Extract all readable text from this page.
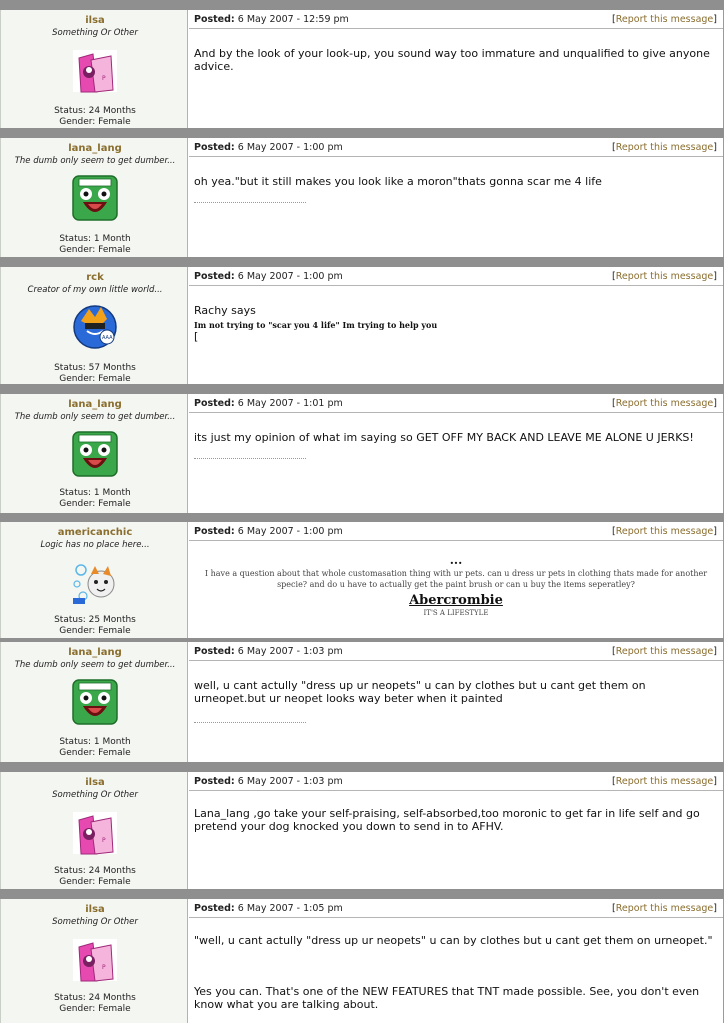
ilsa
Something Or Other
P
Status: 24 Months
Gender: Female
Posted: 6 May 2007 - 12:59 pm	[Report this message]
And by the look of your look-up, you sound way too immature and unqualified to give anyone advice.
lana_lang
The dumb only seem to get dumber...
Status: 1 Month
Gender: Female
Posted: 6 May 2007 - 1:00 pm	[Report this message]
oh yea."but it still makes you look like a moron"thats gonna scar me 4 life
rck
Creator of my own little world...
AAA
Status: 57 Months
Gender: Female
Posted: 6 May 2007 - 1:00 pm	[Report this message]
Rachy says
Im not trying to "scar you 4 life" Im trying to help you
[
lana_lang
The dumb only seem to get dumber...
Status: 1 Month
Gender: Female
Posted: 6 May 2007 - 1:01 pm	[Report this message]
its just my opinion of what im saying so GET OFF MY BACK AND LEAVE ME ALONE U JERKS!
americanchic
Logic has no place here...
Status: 25 Months
Gender: Female
Posted: 6 May 2007 - 1:00 pm	[Report this message]
...
I have a question about that whole customasation thing with ur pets. can u dress ur pets in clothing thats made for another specie? and do u have to actually get the paint brush or can u buy the items seperatley?
Abercrombie
IT'S A LIFESTYLE
lana_lang
The dumb only seem to get dumber...
Status: 1 Month
Gender: Female
Posted: 6 May 2007 - 1:03 pm	[Report this message]
well, u cant actully "dress up ur neopets" u can by clothes but u cant get them on urneopet.but ur neopet looks way beter when it painted
ilsa
Something Or Other
P
Status: 24 Months
Gender: Female
Posted: 6 May 2007 - 1:03 pm	[Report this message]
Lana_lang ,go take your self-praising, self-absorbed,too moronic to get far in life self and go pretend your dog knocked you down to send in to AFHV.
ilsa
Something Or Other
P
Status: 24 Months
Gender: Female
Posted: 6 May 2007 - 1:05 pm	[Report this message]
"well, u cant actully "dress up ur neopets" u can by clothes but u cant get them on urneopet."
Yes you can. That's one of the NEW FEATURES that TNT made possible. See, you don't even know what you are talking about.
